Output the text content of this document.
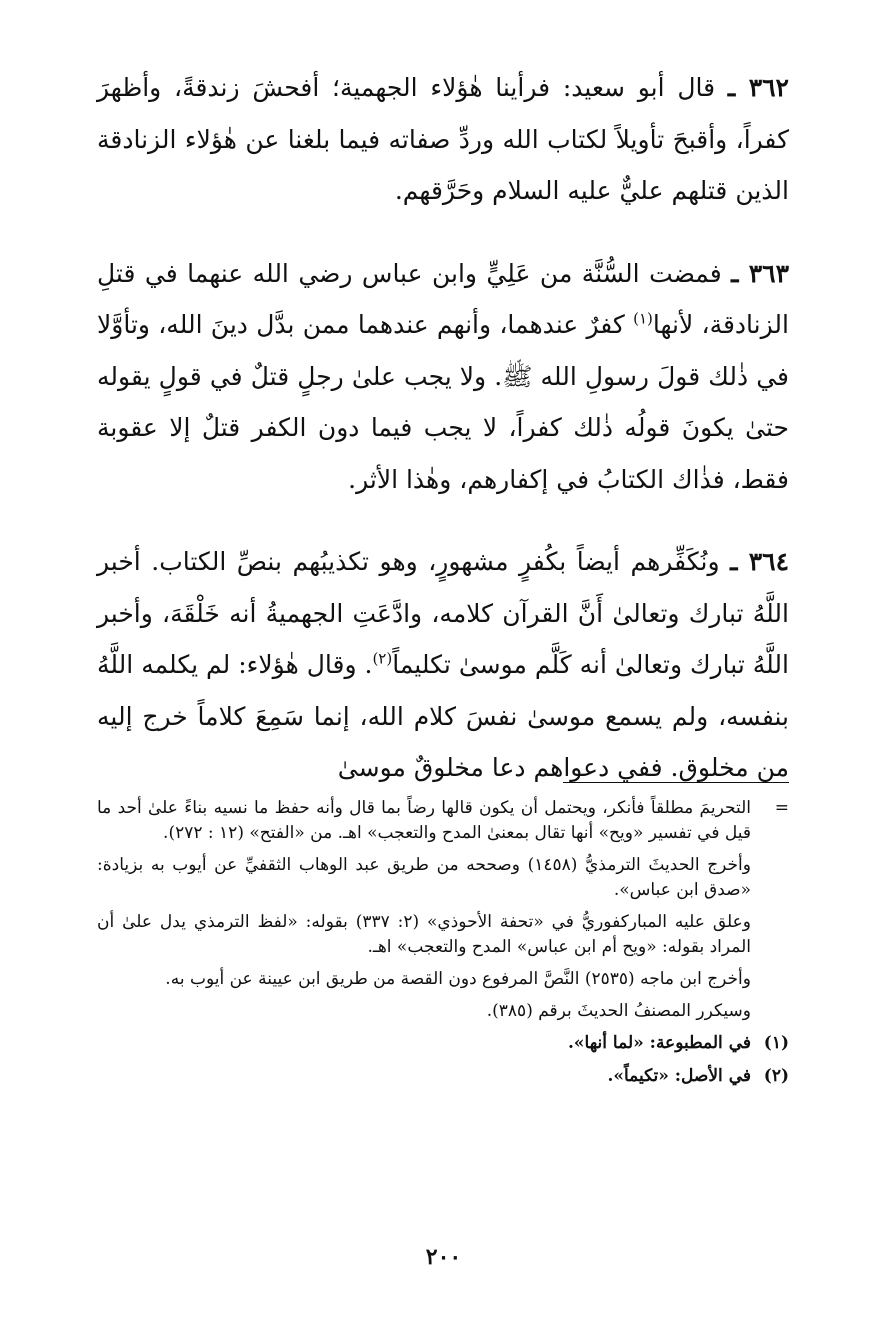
٣٦٢ ـ قال أبو سعيد: فرأينا هٰؤلاء الجهمية؛ أفحشَ زندقةً، وأظهرَ كفراً، وأقبحَ تأويلاً لكتاب الله وردِّ صفاته فيما بلغنا عن هٰؤلاء الزنادقة الذين قتلهم عليٌّ عليه السلام وحَرَّقهم.

٣٦٣ ـ فمضت السُّنَّة من عَلِيٍّ وابن عباس رضي الله عنهما في قتلِ الزنادقة، لأنها$^{(١)}$ كفرٌ عندهما، وأنهم عندهما ممن بدَّل دينَ الله، وتأوَّلا في ذٰلك قولَ رسولِ الله ﷺ. ولا يجب علىٰ رجلٍ قتلٌ في قولٍ يقوله حتىٰ يكونَ قولُه ذٰلك كفراً، لا يجب فيما دون الكفر قتلٌ إلا عقوبة فقط، فذٰاك الكتابُ في إكفارهم، وهٰذا الأثر.

٣٦٤ ـ ونُكَفِّرهم أيضاً بكُفرٍ مشهورٍ، وهو تكذيبُهم بنصِّ الكتاب. أخبر اللَّهُ تبارك وتعالىٰ أَنَّ القرآن كلامه، وادَّعَتِ الجهميةُ أنه خَلْقَهَ، وأخبر اللَّهُ تبارك وتعالىٰ أنه كَلَّم موسىٰ تكليماً$^{(٢)}$. وقال هٰؤلاء: لم يكلمه اللَّهُ بنفسه، ولم يسمع موسىٰ نفسَ كلام الله، إنما سَمِعَ كلاماً خرج إليه من مخلوق. ففي دعواهم دعا مخلوقٌ موسىٰ

=
التحريمَ مطلقاً فأنكر، ويحتمل أن يكون قالها رضاً بما قال وأنه حفظ ما نسيه بناءً علىٰ أحد ما قيل في تفسير «ويح» أنها تقال بمعنىٰ المدح والتعجب» اهـ. من «الفتح» (١٢ : ٢٧٢).

وأخرج الحديثَ الترمذيُّ (١٤٥٨) وصححه من طريق عبد الوهاب الثقفيِّ عن أيوب به بزيادة: «صدق ابن عباس».

وعلق عليه المباركفوريُّ في «تحفة الأحوذي» (٢: ٣٣٧) بقوله: «لفظ الترمذي يدل علىٰ أن المراد بقوله: «ويح أم ابن عباس» المدح والتعجب» اهـ.

وأخرج ابن ماجه (٢٥٣٥) النَّصَّ المرفوع دون القصة من طريق ابن عيينة عن أيوب به.

وسيكرر المصنفُ الحديثَ برقم (٣٨٥).

(١)
في المطبوعة: «لما أنها».

(٢)
في الأصل: «تكيماً».

٢٠٠
